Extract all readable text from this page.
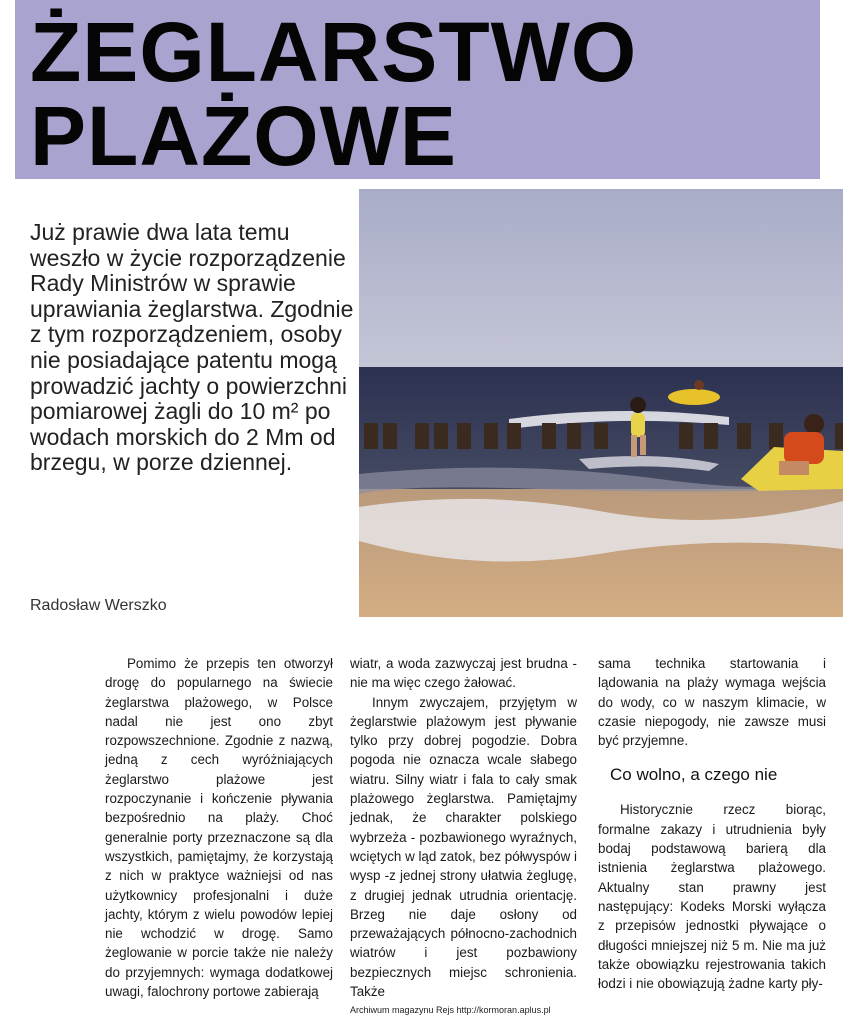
ŻEGLARSTWO
PLAŻOWE

Już prawie dwa lata temu weszło w życie rozporządzenie Rady Ministrów w sprawie uprawiania żeglarstwa. Zgodnie z tym rozporządzeniem, osoby nie posiadające patentu mogą prowadzić jachty o powierzchni pomiarowej żagli do 10 m² po wodach morskich do 2 Mm od brzegu, w porze dziennej.

Radosław Werszko

Pomimo że przepis ten otworzył drogę do popularnego na świecie żeglarstwa plażowego, w Polsce nadal nie jest ono zbyt rozpowszechnione. Zgodnie z nazwą, jedną z cech wyróżniających żeglarstwo plażowe jest rozpoczynanie i kończenie pływania bezpośrednio na plaży. Choć generalnie porty przeznaczone są dla wszystkich, pamiętajmy, że korzystają z nich w praktyce ważniejsi od nas użytkownicy profesjonalni i duże jachty, którym z wielu powodów lepiej nie wchodzić w drogę. Samo żeglowanie w porcie także nie należy do przyjemnych: wymaga dodatkowej uwagi, falochrony portowe zabierają

wiatr, a woda zazwyczaj jest brudna - nie ma więc czego żałować.

Innym zwyczajem, przyjętym w żeglarstwie plażowym jest pływanie tylko przy dobrej pogodzie. Dobra pogoda nie oznacza wcale słabego wiatru. Silny wiatr i fala to cały smak plażowego żeglarstwa. Pamiętajmy jednak, że charakter polskiego wybrzeża - pozbawionego wyraźnych, wciętych w ląd zatok, bez półwyspów i wysp -z jednej strony ułatwia żeglugę, z drugiej jednak utrudnia orientację. Brzeg nie daje osłony od przeważających północno-zachodnich wiatrów i jest pozbawiony bezpiecznych miejsc schronienia. Także

sama technika startowania i lądowania na plaży wymaga wejścia do wody, co w naszym klimacie, w czasie niepogody, nie zawsze musi być przyjemne.

Co wolno, a czego nie

Historycznie rzecz biorąc, formalne zakazy i utrudnienia były bodaj podstawową barierą dla istnienia żeglarstwa plażowego. Aktualny stan prawny jest następujący: Kodeks Morski wyłącza z przepisów jednostki pływające o długości mniejszej niż 5 m. Nie ma już także obowiązku rejestrowania takich łodzi i nie obowiązują żadne karty pły-

Archiwum magazynu Rejs http://kormoran.aplus.pl
